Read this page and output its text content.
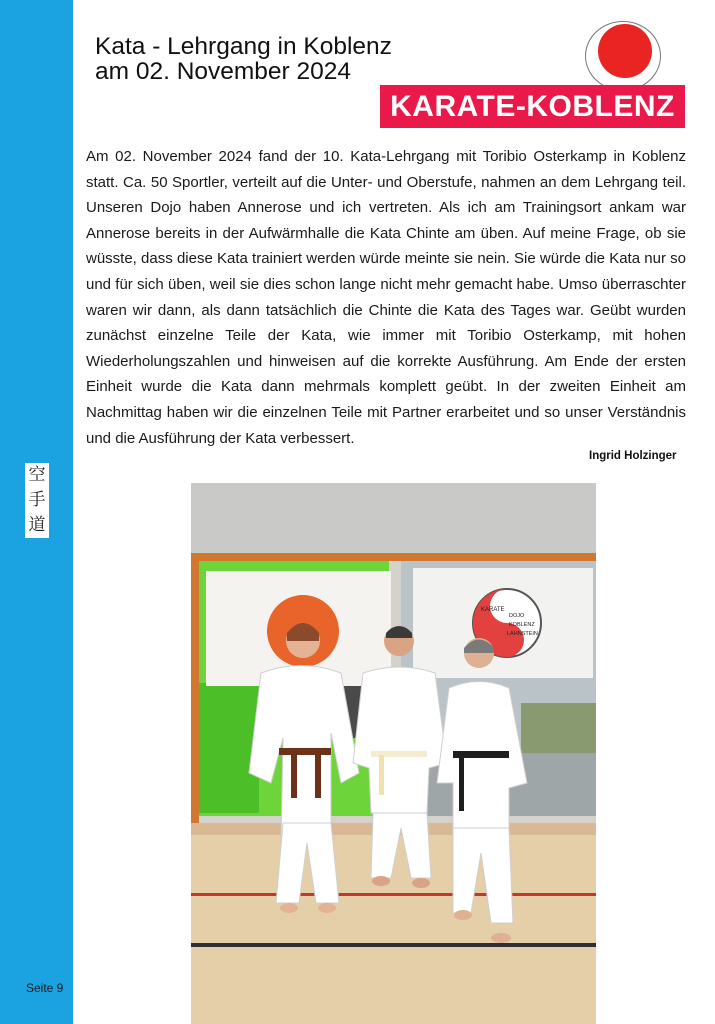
空
手
道
Seite 9
Kata - Lehrgang in Koblenz
am 02. November 2024
KARATE-KOBLENZ
Am 02. November 2024 fand der 10. Kata-Lehrgang mit Toribio Osterkamp in Koblenz statt. Ca. 50 Sportler, verteilt auf die Unter- und Oberstufe, nahmen an dem Lehrgang teil. Unseren Dojo haben Annerose und ich vertreten. Als ich am Trainingsort ankam war Annerose bereits in der Aufwärmhalle die Kata Chinte am üben. Auf meine Frage, ob sie wüsste, dass diese Kata trainiert werden würde meinte sie nein. Sie würde die Kata nur so und für sich üben, weil sie dies schon lange nicht mehr gemacht habe. Umso überraschter waren wir dann, als dann tatsächlich die Chinte die Kata des Tages war. Geübt wurden zunächst einzelne Teile der Kata, wie immer mit Toribio Osterkamp, mit hohen Wiederholungszahlen und hinweisen auf die korrekte Ausführung. Am Ende der ersten Einheit wurde die Kata dann mehrmals komplett geübt. In der zweiten Einheit am Nachmittag haben wir die einzelnen Teile mit Partner erarbeitet und so unser Verständnis und die Ausführung der Kata verbessert.
Ingrid Holzinger
KARATE
DOJO
KOBLENZ
LAHNSTEIN
